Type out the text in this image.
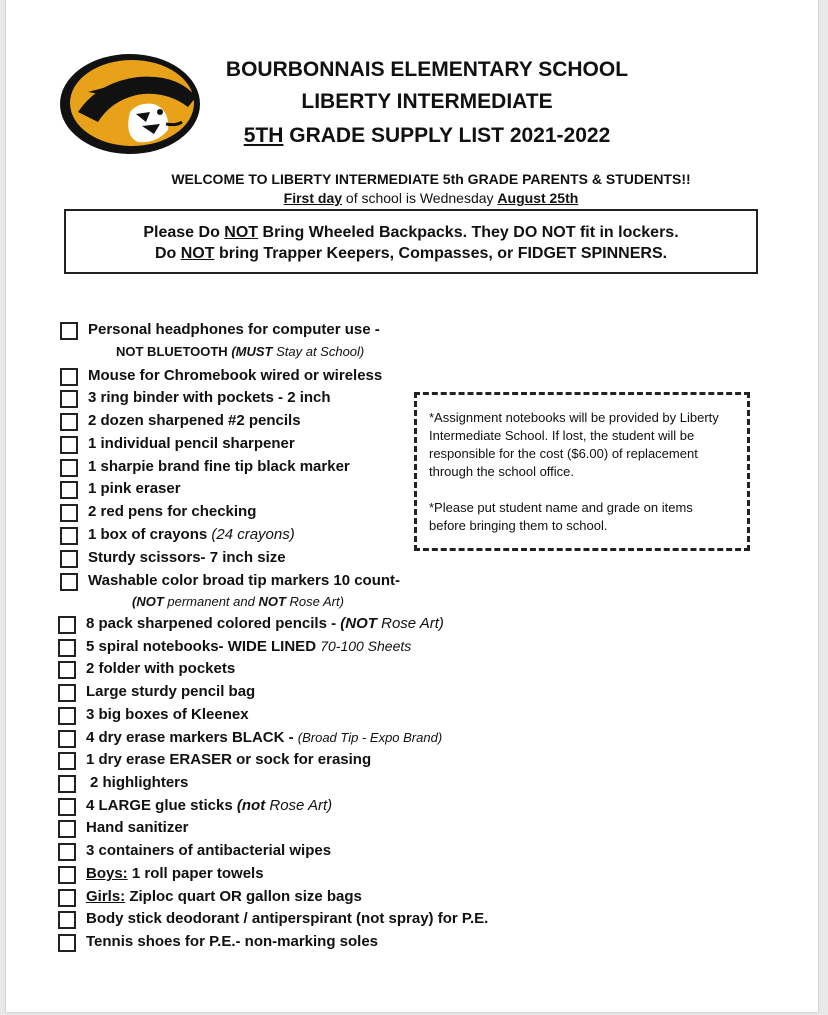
BOURBONNAIS ELEMENTARY SCHOOL
LIBERTY INTERMEDIATE
5TH GRADE SUPPLY LIST 2021-2022
WELCOME TO LIBERTY INTERMEDIATE 5th GRADE PARENTS & STUDENTS!!
First day of school is Wednesday August 25th
Please Do NOT Bring Wheeled Backpacks. They DO NOT fit in lockers.
Do NOT bring Trapper Keepers, Compasses, or FIDGET SPINNERS.

*Assignment notebooks will be provided by Liberty Intermediate School. If lost, the student will be responsible for the cost ($6.00) of replacement through the school office.

*Please put student name and grade on items before bringing them to school.

Personal headphones for computer use -
NOT BLUETOOTH (MUST Stay at School)
Mouse for Chromebook wired or wireless
3 ring binder with pockets - 2 inch
2 dozen sharpened #2 pencils
1 individual pencil sharpener
1 sharpie brand fine tip black marker
1 pink eraser
2 red pens for checking
1 box of crayons (24 crayons)
Sturdy scissors- 7 inch size
Washable color broad tip markers 10 count-
(NOT permanent and NOT Rose Art)
8 pack sharpened colored pencils - (NOT Rose Art)
5 spiral notebooks- WIDE LINED 70-100 Sheets
2 folder with pockets
Large sturdy pencil bag
3 big boxes of Kleenex
4 dry erase markers BLACK - (Broad Tip - Expo Brand)
1 dry erase ERASER or sock for erasing
2 highlighters
4 LARGE glue sticks (not Rose Art)
Hand sanitizer
3 containers of antibacterial wipes
Boys: 1 roll paper towels
Girls: Ziploc quart OR gallon size bags
Body stick deodorant / antiperspirant (not spray) for P.E.
Tennis shoes for P.E.- non-marking soles
